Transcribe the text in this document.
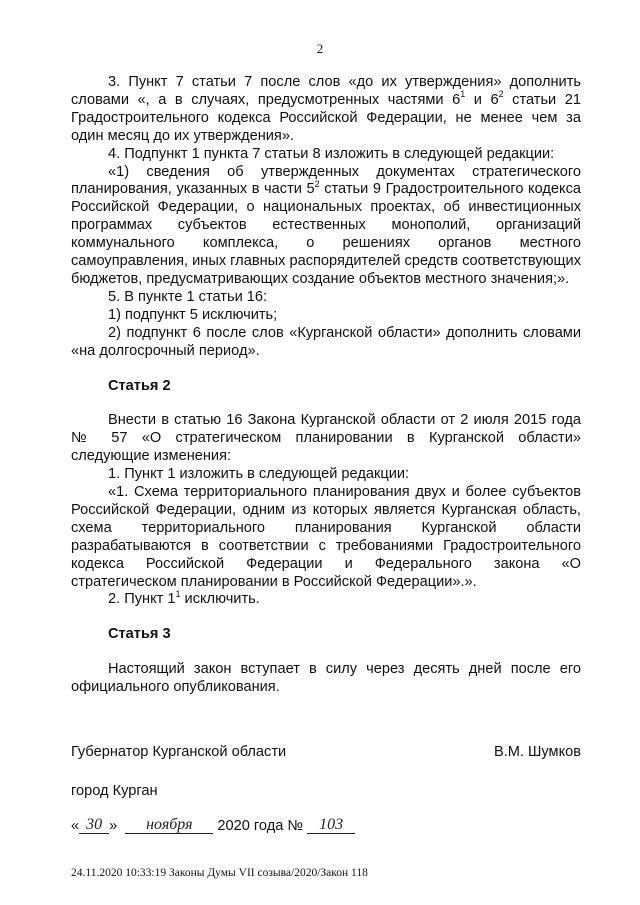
2

3. Пункт 7 статьи 7 после слов «до их утверждения» дополнить словами «, а в случаях, предусмотренных частями $6^1$ и $6^2$ статьи 21 Градостроительного кодекса Российской Федерации, не менее чем за один месяц до их утверждения».

4. Подпункт 1 пункта 7 статьи 8 изложить в следующей редакции:

«1) сведения об утвержденных документах стратегического планирования, указанных в части $5^2$ статьи 9 Градостроительного кодекса Российской Федерации, о национальных проектах, об инвестиционных программах субъектов естественных монополий, организаций коммунального комплекса, о решениях органов местного самоуправления, иных главных распорядителей средств соответствующих бюджетов, предусматривающих создание объектов местного значения;».

5. В пункте 1 статьи 16:

1) подпункт 5 исключить;

2) подпункт 6 после слов «Курганской области» дополнить словами «на долгосрочный период».

Статья 2

Внести в статью 16 Закона Курганской области от 2 июля 2015 года № 57 «О стратегическом планировании в Курганской области» следующие изменения:

1. Пункт 1 изложить в следующей редакции:

«1. Схема территориального планирования двух и более субъектов Российской Федерации, одним из которых является Курганская область, схема территориального планирования Курганской области разрабатываются в соответствии с требованиями Градостроительного кодекса Российской Федерации и Федерального закона «О стратегическом планировании в Российской Федерации».».

2. Пункт $1^1$ исключить.

Статья 3

Настоящий закон вступает в силу через десять дней после его официального опубликования.

Губернатор Курганской области	В.М. Шумков
город Курган
« 30 » ноября 2020 года № 103
24.11.2020 10:33:19 Законы Думы VII созыва/2020/Закон 118
